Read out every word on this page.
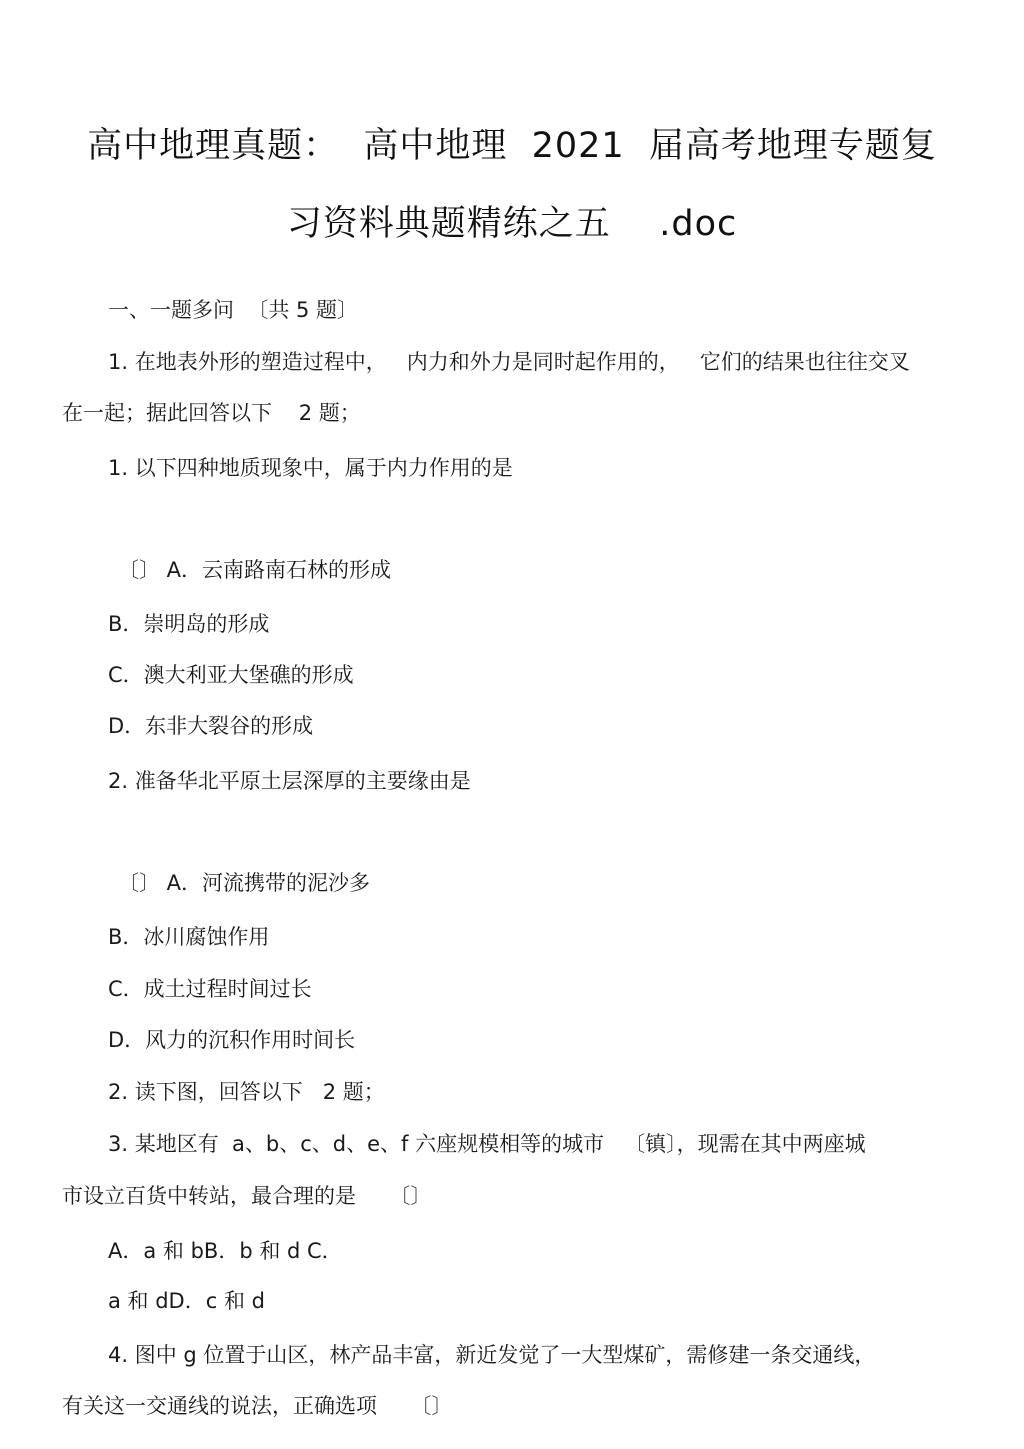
高中地理真题：  高中地理  2021  届高考地理专题复
习资料典题精练之五    .doc
一、一题多问  〔共 5 题〕
1. 在地表外形的塑造过程中，   内力和外力是同时起作用的，   它们的结果也往往交叉
在一起；据此回答以下    2 题；
1. 以下四种地质现象中，属于内力作用的是
〔〕 A．云南路南石林的形成
B．崇明岛的形成
C．澳大利亚大堡礁的形成
D．东非大裂谷的形成
2. 准备华北平原土层深厚的主要缘由是
〔〕 A．河流携带的泥沙多
B．冰川腐蚀作用
C．成土过程时间过长
D．风力的沉积作用时间长
2. 读下图，回答以下   2 题；
3. 某地区有  a、b、c、d、e、f 六座规模相等的城市   〔镇〕，现需在其中两座城
市设立百货中转站，最合理的是     〔〕
A．a 和 bB．b 和 d C．
a 和 dD．c 和 d
4. 图中 g 位置于山区，林产品丰富，新近发觉了一大型煤矿，需修建一条交通线，
有关这一交通线的说法，正确选项     〔〕
